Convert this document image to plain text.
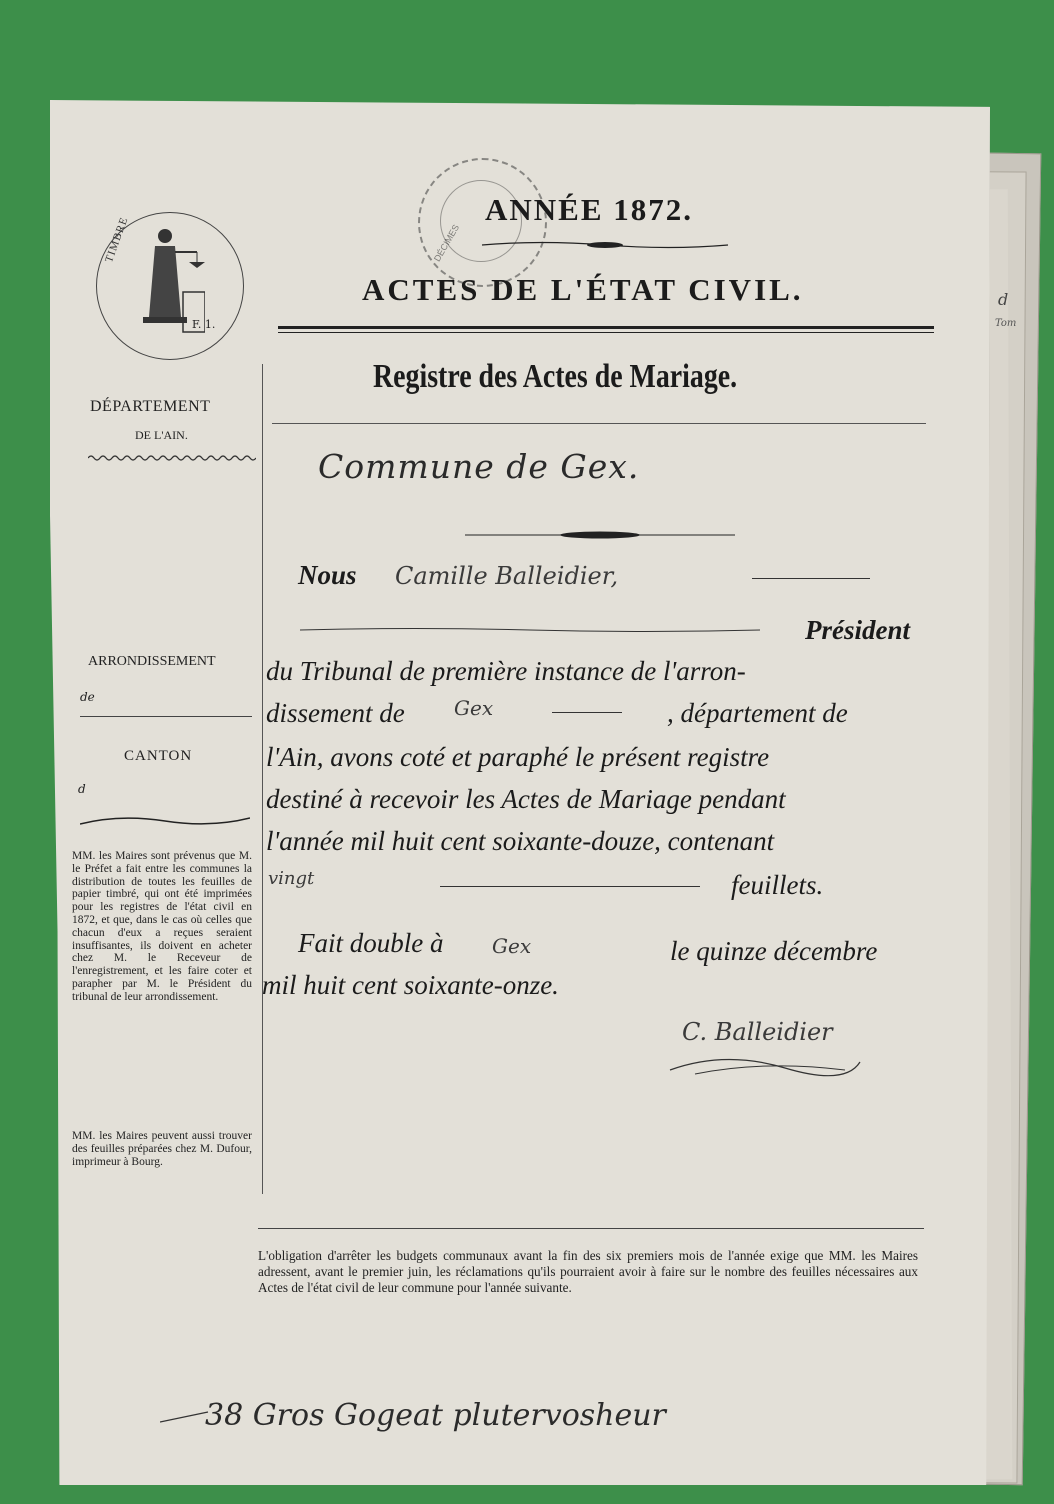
d
Tom
TIMBRE
F. 1.
DÉCIMES
ANNÉE 1872.
ACTES DE L'ÉTAT CIVIL.
Registre des Actes de Mariage.
DÉPARTEMENT
DE L'AIN.
Commune de Gex.
Nous Camille Balleidier,
Président
du Tribunal de première instance de l'arron-
dissement de Gex	, département de
l'Ain, avons coté et paraphé le présent registre
destiné à recevoir les Actes de Mariage pendant
l'année mil huit cent soixante-douze, contenant
vingt	feuillets.
Fait double à Gex	le quinze décembre
mil huit cent soixante-onze.
C. Balleidier
ARRONDISSEMENT
de
CANTON
d
MM. les Maires sont prévenus que M. le Préfet a fait entre les communes la distribution de toutes les feuilles de papier timbré, qui ont été imprimées pour les registres de l'état civil en 1872, et que, dans le cas où celles que chacun d'eux a reçues seraient insuffisantes, ils doivent en acheter chez M. le Receveur de l'enregistrement, et les faire coter et parapher par M. le Président du tribunal de leur arrondissement.
MM. les Maires peuvent aussi trouver des feuilles préparées chez M. Dufour, imprimeur à Bourg.
L'obligation d'arrêter les budgets communaux avant la fin des six premiers mois de l'année exige que MM. les Maires adressent, avant le premier juin, les réclamations qu'ils pourraient avoir à faire sur le nombre des feuilles nécessaires aux Actes de l'état civil de leur commune pour l'année suivante.
38 Gros Gogeat plutervosheur
